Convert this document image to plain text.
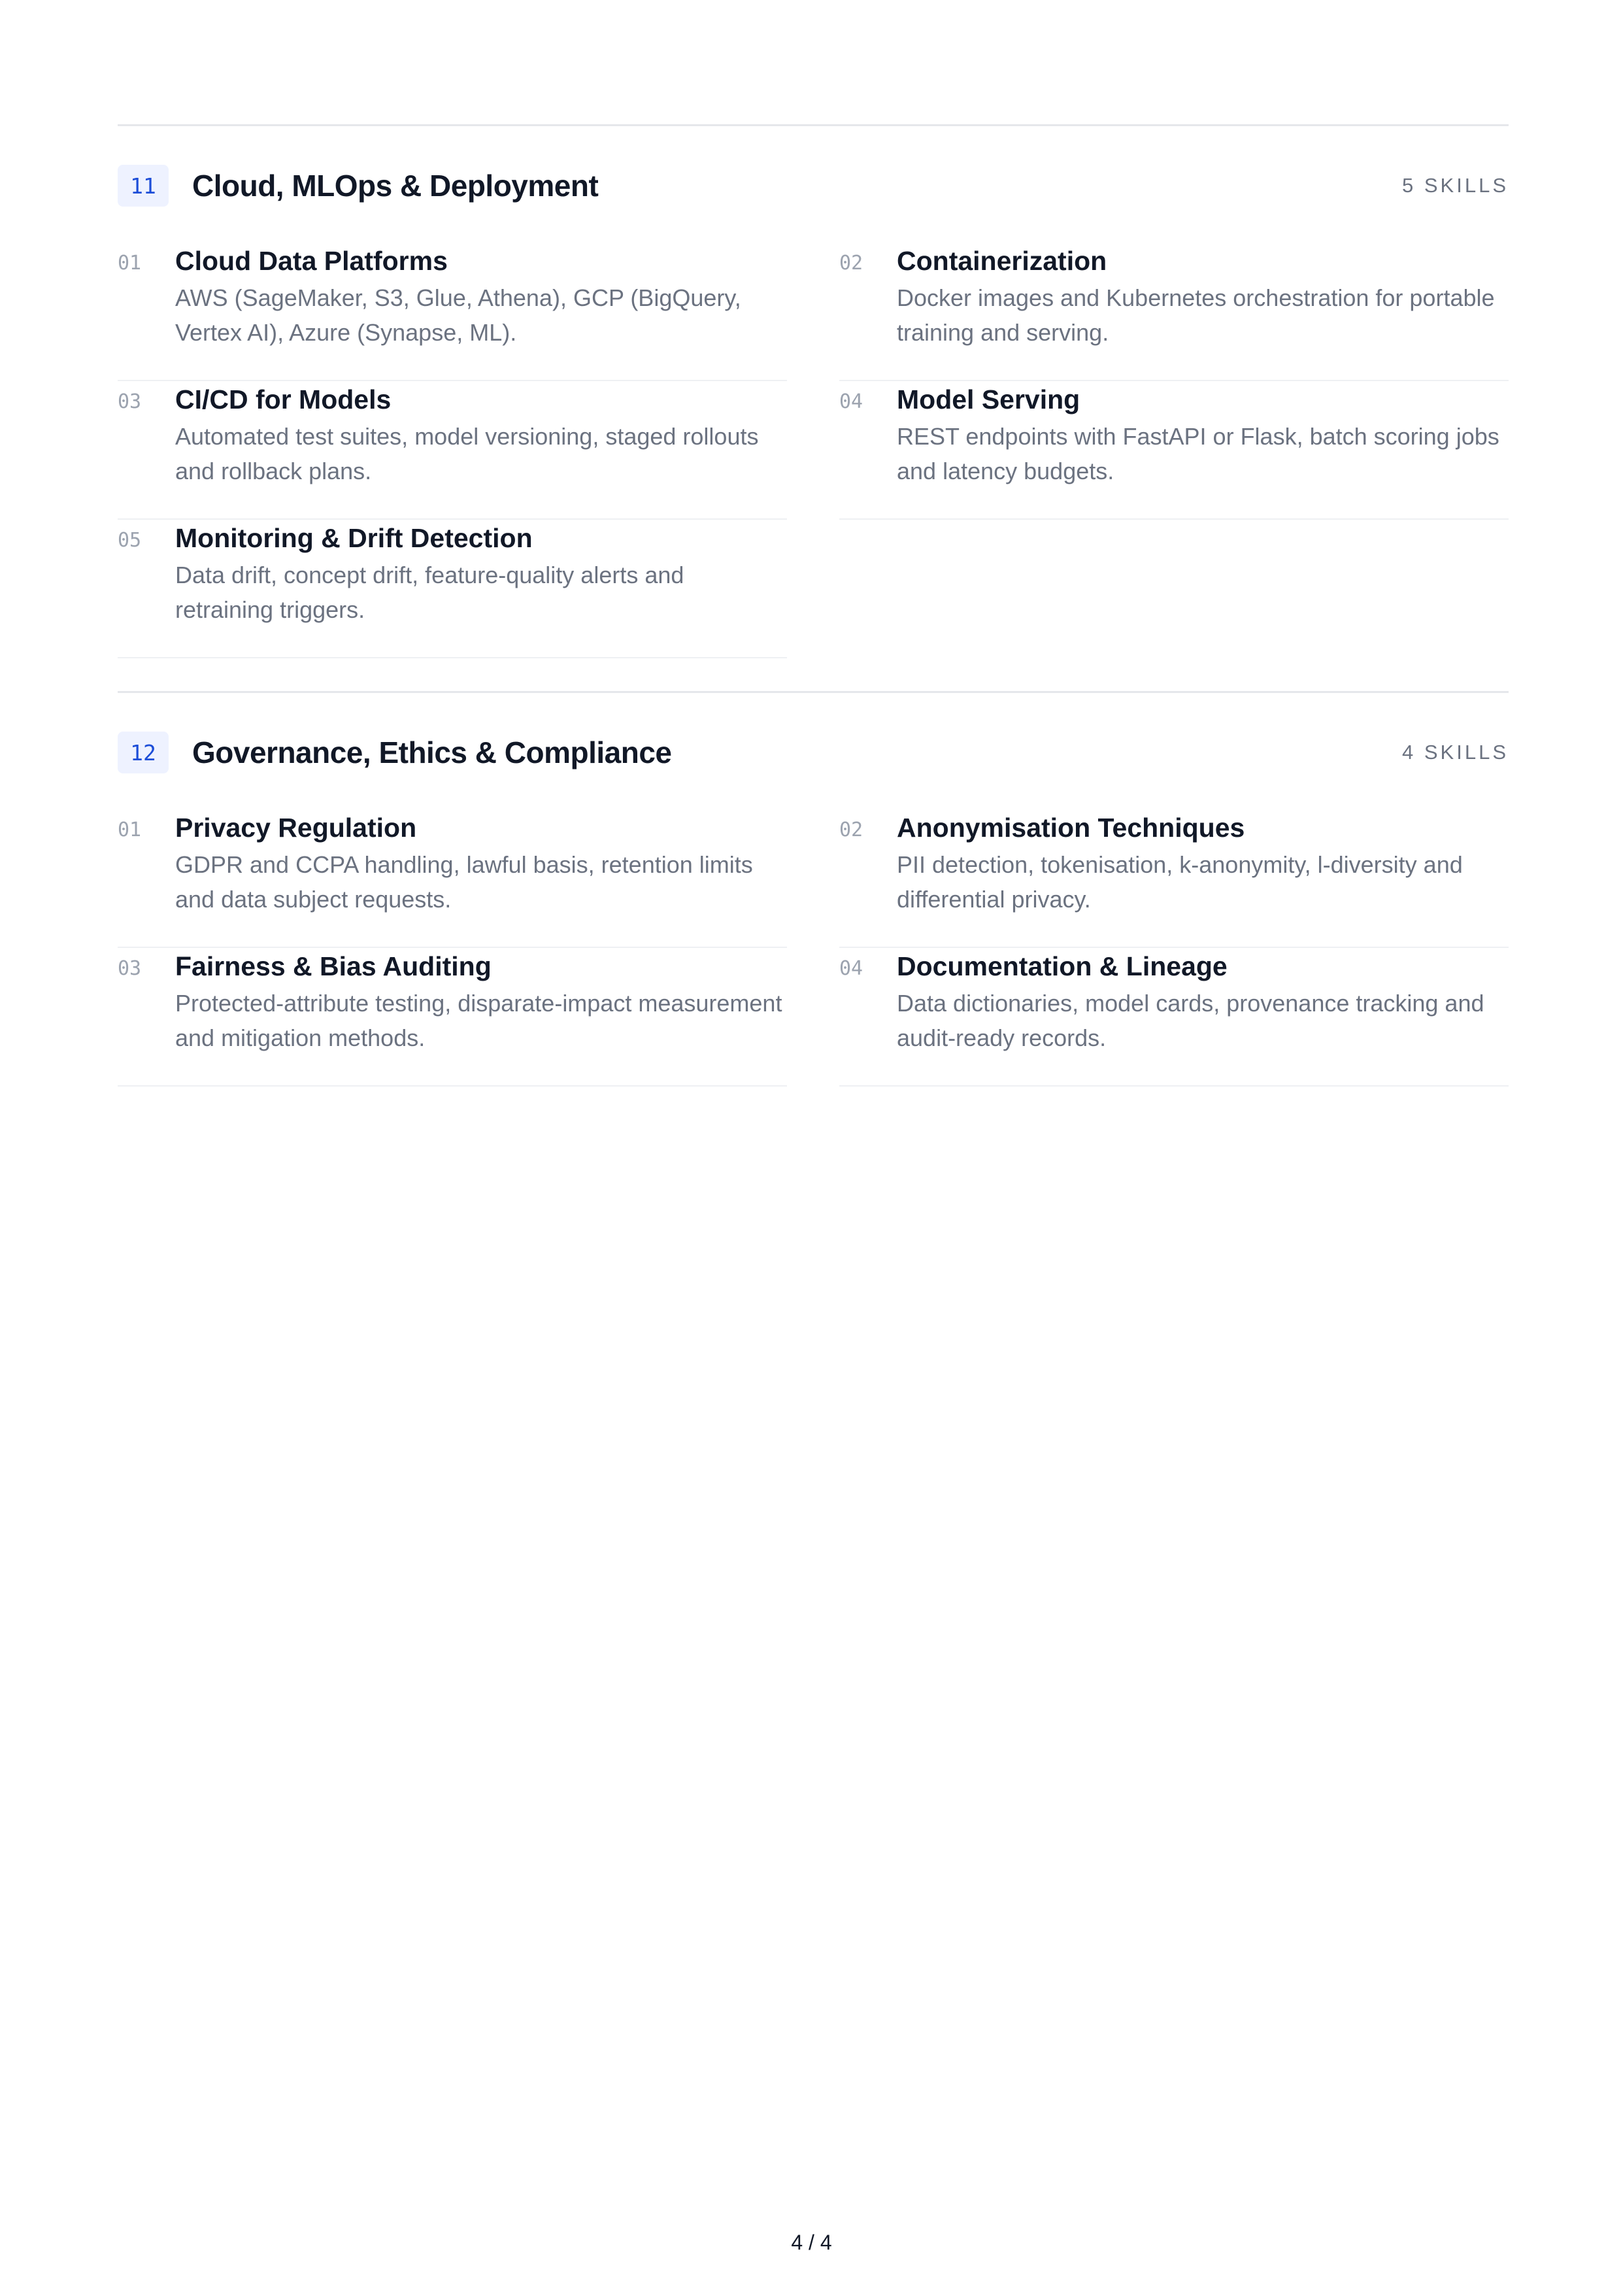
11	Cloud, MLOps & Deployment	5 SKILLS
01	Cloud Data Platforms
AWS (SageMaker, S3, Glue, Athena), GCP (BigQuery, Vertex AI), Azure (Synapse, ML).
02	Containerization
Docker images and Kubernetes orchestration for portable training and serving.
03	CI/CD for Models
Automated test suites, model versioning, staged rollouts and rollback plans.
04	Model Serving
REST endpoints with FastAPI or Flask, batch scoring jobs and latency budgets.
05	Monitoring & Drift Detection
Data drift, concept drift, feature-quality alerts and retraining triggers.
12	Governance, Ethics & Compliance	4 SKILLS
01	Privacy Regulation
GDPR and CCPA handling, lawful basis, retention limits and data subject requests.
02	Anonymisation Techniques
PII detection, tokenisation, k-anonymity, l-diversity and differential privacy.
03	Fairness & Bias Auditing
Protected-attribute testing, disparate-impact measurement and mitigation methods.
04	Documentation & Lineage
Data dictionaries, model cards, provenance tracking and audit-ready records.
4 / 4
